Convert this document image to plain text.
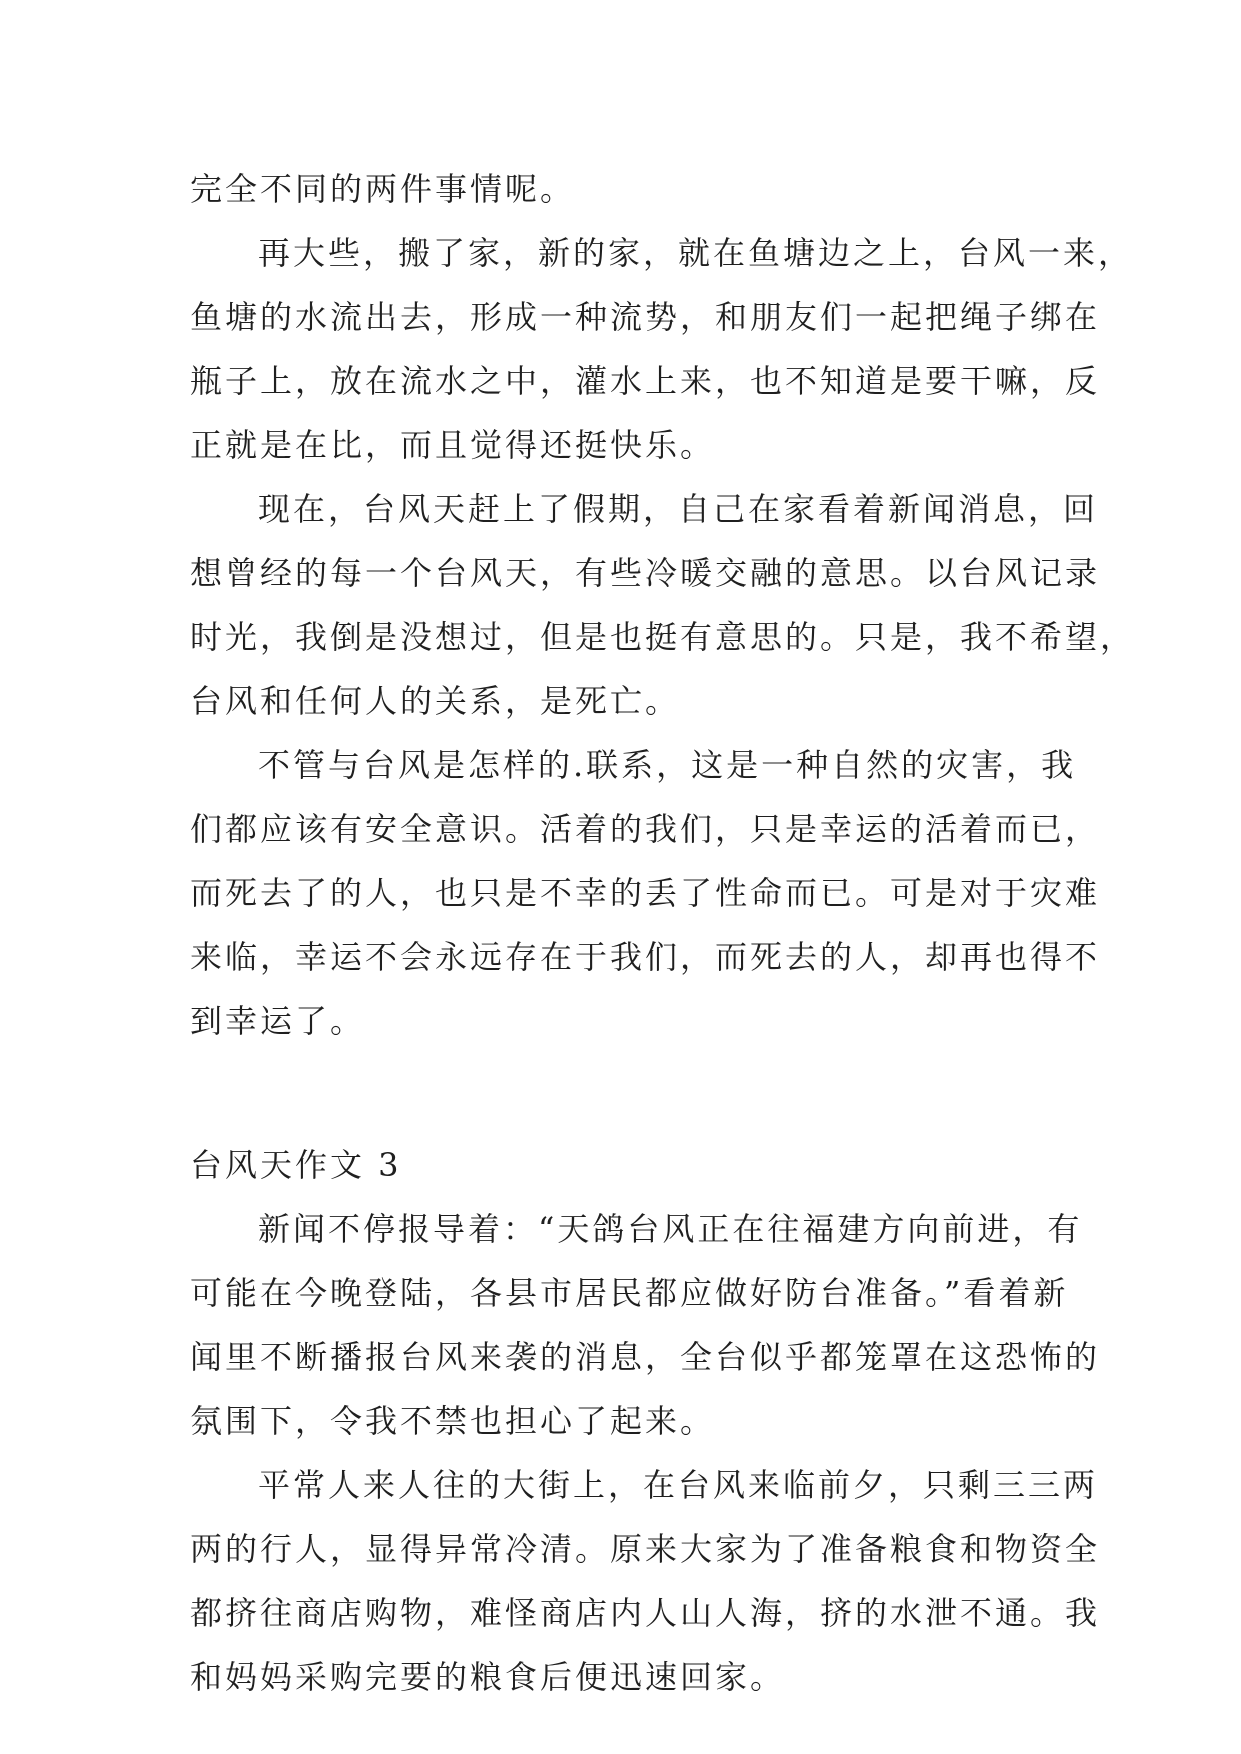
完全不同的两件事情呢。
再大些，搬了家，新的家，就在鱼塘边之上，台风一来，
鱼塘的水流出去，形成一种流势，和朋友们一起把绳子绑在
瓶子上，放在流水之中，灌水上来，也不知道是要干嘛，反
正就是在比，而且觉得还挺快乐。
现在，台风天赶上了假期，自己在家看着新闻消息，回
想曾经的每一个台风天，有些冷暖交融的意思。以台风记录
时光，我倒是没想过，但是也挺有意思的。只是，我不希望，
台风和任何人的关系，是死亡。
不管与台风是怎样的.联系，这是一种自然的灾害，我
们都应该有安全意识。活着的我们，只是幸运的活着而已，
而死去了的人，也只是不幸的丢了性命而已。可是对于灾难
来临，幸运不会永远存在于我们，而死去的人，却再也得不
到幸运了。
台风天作文 3
新闻不停报导着：“天鸽台风正在往福建方向前进，有
可能在今晚登陆，各县市居民都应做好防台准备。”看着新
闻里不断播报台风来袭的消息，全台似乎都笼罩在这恐怖的
氛围下，令我不禁也担心了起来。
平常人来人往的大街上，在台风来临前夕，只剩三三两
两的行人，显得异常冷清。原来大家为了准备粮食和物资全
都挤往商店购物，难怪商店内人山人海，挤的水泄不通。我
和妈妈采购完要的粮食后便迅速回家。
